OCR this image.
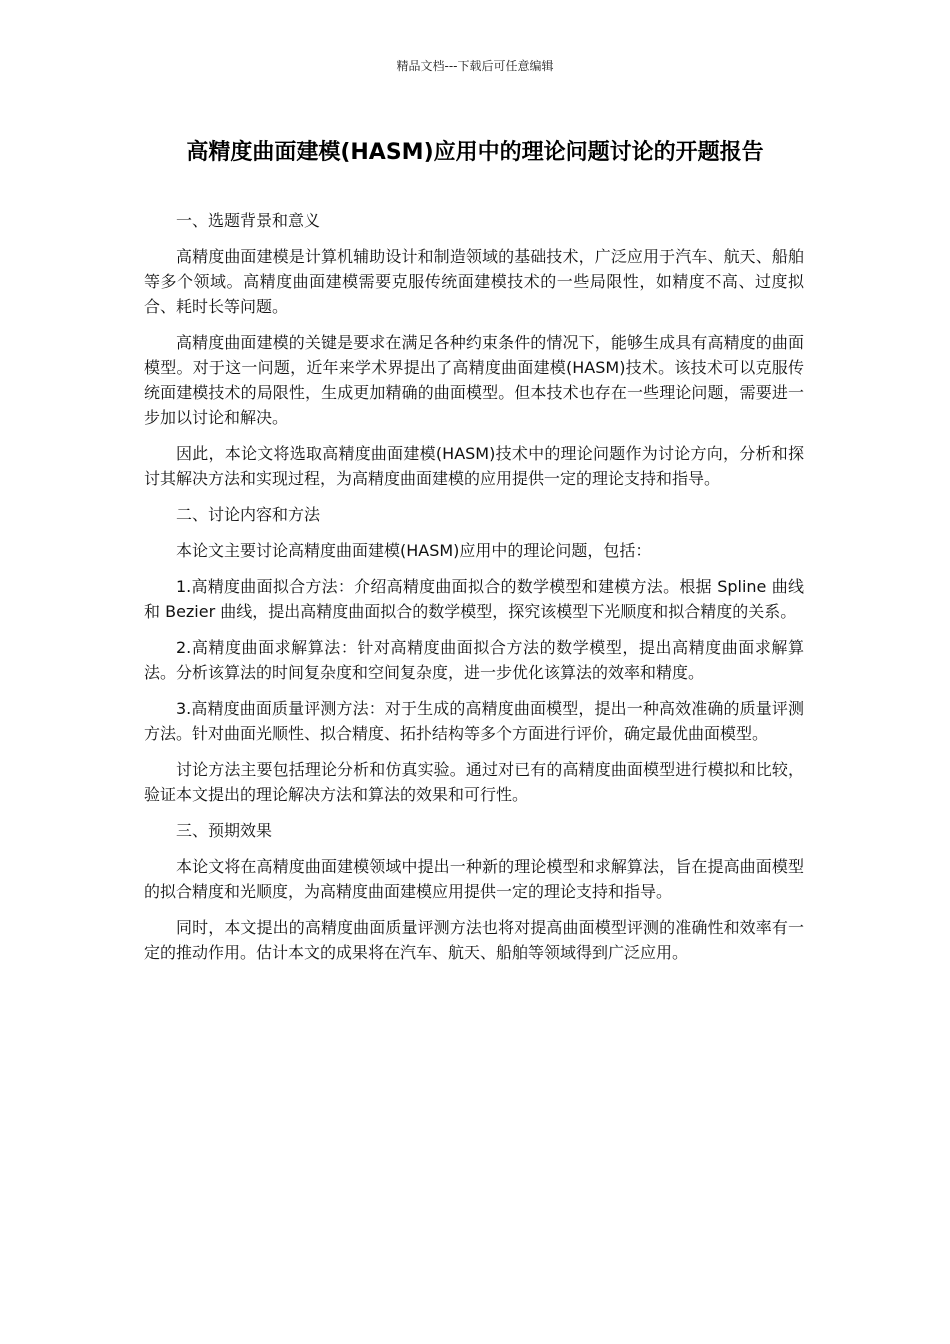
精品文档---下载后可任意编辑
高精度曲面建模(HASM)应用中的理论问题讨论的开题报告

一、选题背景和意义

高精度曲面建模是计算机辅助设计和制造领域的基础技术，广泛应用于汽车、航天、船舶等多个领域。高精度曲面建模需要克服传统面建模技术的一些局限性，如精度不高、过度拟合、耗时长等问题。

高精度曲面建模的关键是要求在满足各种约束条件的情况下，能够生成具有高精度的曲面模型。对于这一问题，近年来学术界提出了高精度曲面建模(HASM)技术。该技术可以克服传统面建模技术的局限性，生成更加精确的曲面模型。但本技术也存在一些理论问题，需要进一步加以讨论和解决。

因此，本论文将选取高精度曲面建模(HASM)技术中的理论问题作为讨论方向，分析和探讨其解决方法和实现过程，为高精度曲面建模的应用提供一定的理论支持和指导。

二、讨论内容和方法

本论文主要讨论高精度曲面建模(HASM)应用中的理论问题，包括：

1.高精度曲面拟合方法：介绍高精度曲面拟合的数学模型和建模方法。根据 Spline 曲线和 Bezier 曲线，提出高精度曲面拟合的数学模型，探究该模型下光顺度和拟合精度的关系。

2.高精度曲面求解算法：针对高精度曲面拟合方法的数学模型，提出高精度曲面求解算法。分析该算法的时间复杂度和空间复杂度，进一步优化该算法的效率和精度。

3.高精度曲面质量评测方法：对于生成的高精度曲面模型，提出一种高效准确的质量评测方法。针对曲面光顺性、拟合精度、拓扑结构等多个方面进行评价，确定最优曲面模型。

讨论方法主要包括理论分析和仿真实验。通过对已有的高精度曲面模型进行模拟和比较，验证本文提出的理论解决方法和算法的效果和可行性。

三、预期效果

本论文将在高精度曲面建模领域中提出一种新的理论模型和求解算法，旨在提高曲面模型的拟合精度和光顺度，为高精度曲面建模应用提供一定的理论支持和指导。

同时，本文提出的高精度曲面质量评测方法也将对提高曲面模型评测的准确性和效率有一定的推动作用。估计本文的成果将在汽车、航天、船舶等领域得到广泛应用。
